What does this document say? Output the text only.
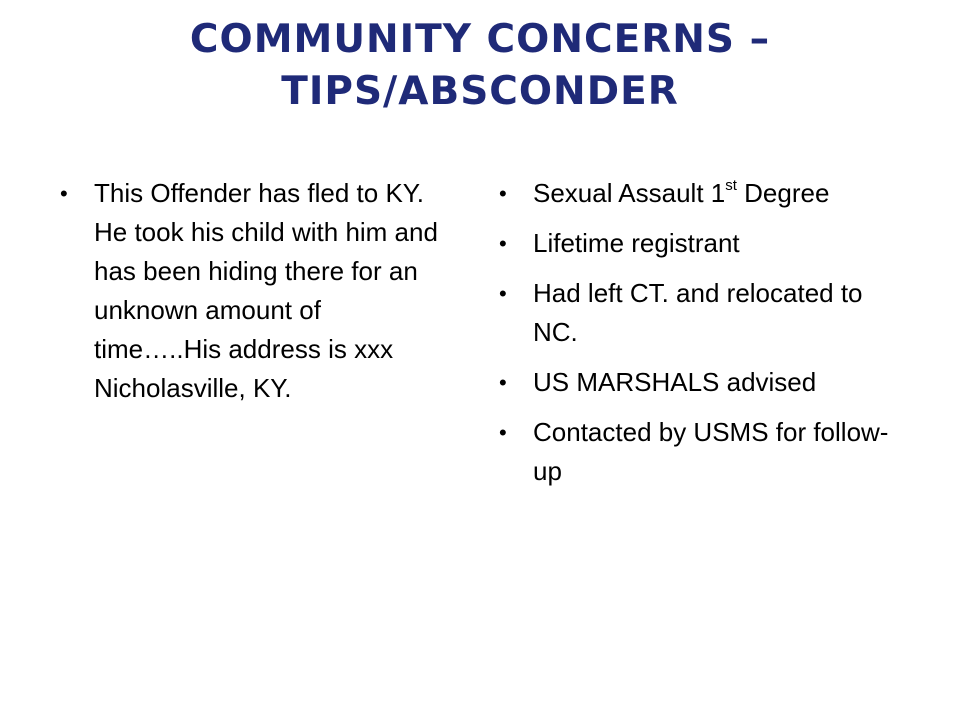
COMMUNITY CONCERNS –
TIPS/ABSCONDER
•	This Offender has fled to KY. He took his child with him and has been hiding there for an unknown amount of time…..His address is xxx Nicholasville, KY.
•	Sexual Assault 1st Degree
•	Lifetime registrant
•	Had left CT. and relocated to NC.
•	US MARSHALS advised
•	Contacted by USMS for follow-up
